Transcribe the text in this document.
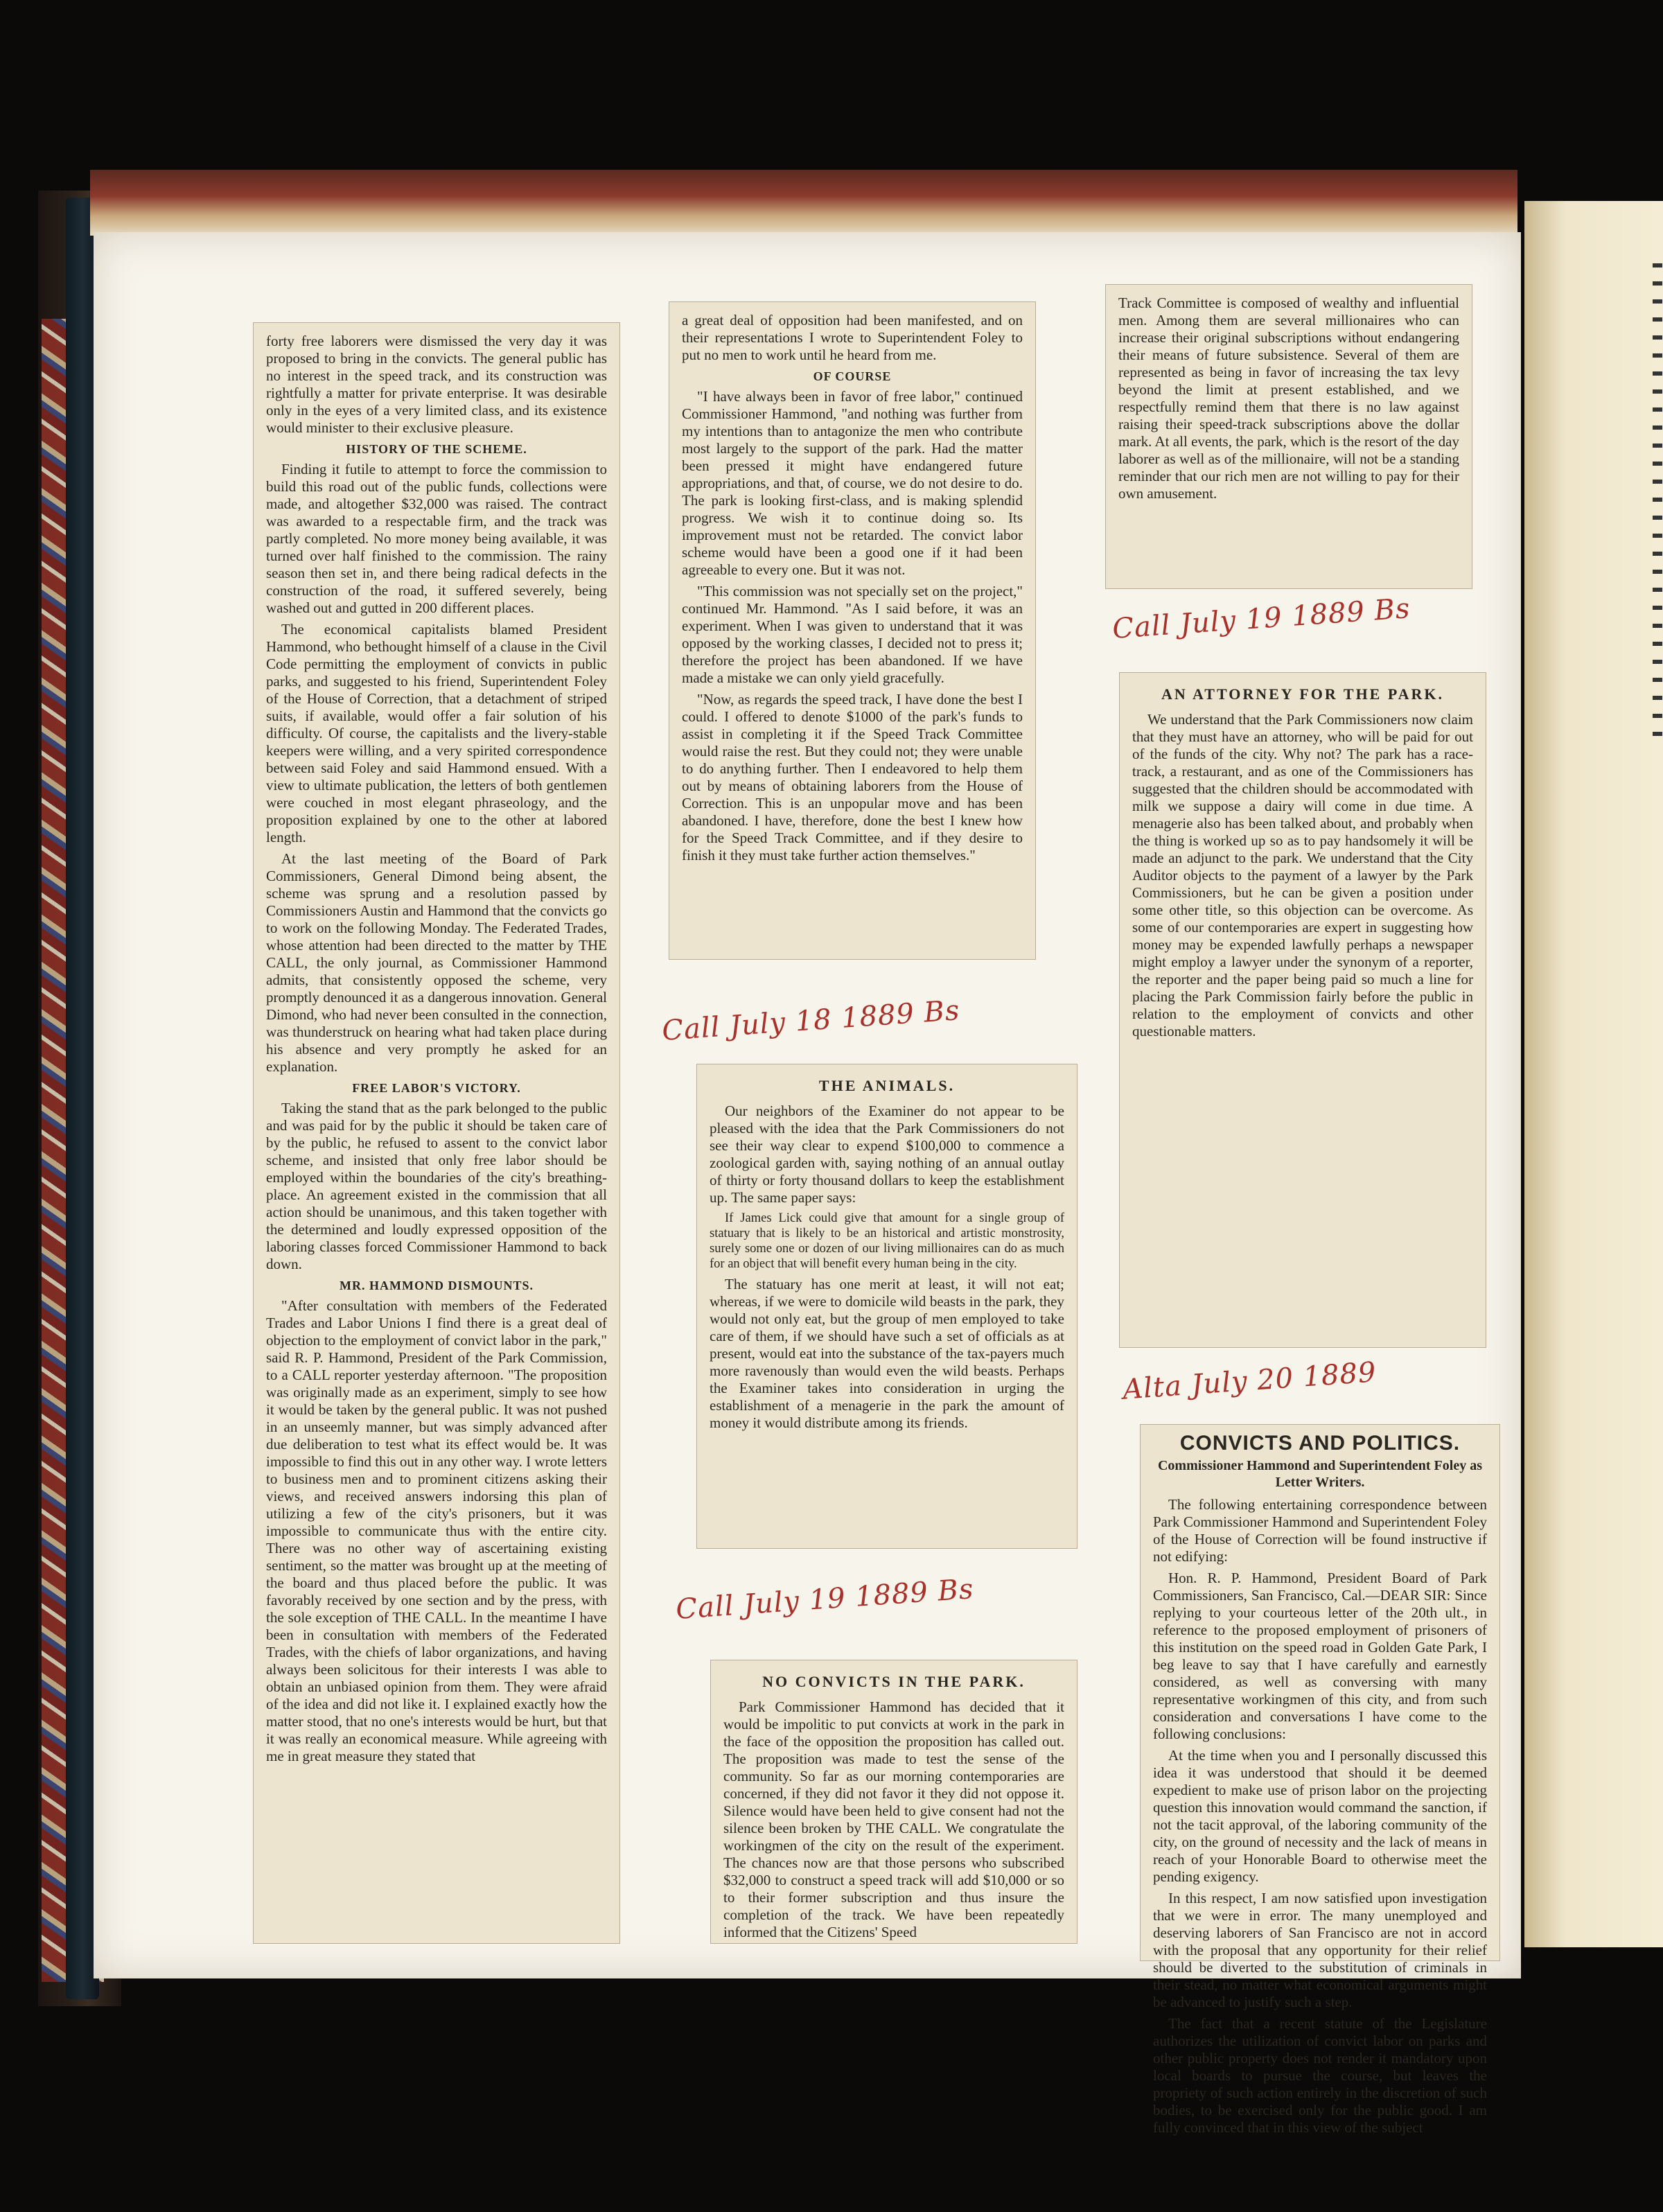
forty free laborers were dismissed the very day it was proposed to bring in the convicts. The general public has no interest in the speed track, and its construction was rightfully a matter for private enterprise. It was desirable only in the eyes of a very limited class, and its existence would minister to their exclusive pleasure.

HISTORY OF THE SCHEME.

Finding it futile to attempt to force the commission to build this road out of the public funds, collections were made, and altogether $32,000 was raised. The contract was awarded to a respectable firm, and the track was partly completed. No more money being available, it was turned over half finished to the commission. The rainy season then set in, and there being radical defects in the construction of the road, it suffered severely, being washed out and gutted in 200 different places.

The economical capitalists blamed President Hammond, who bethought himself of a clause in the Civil Code permitting the employment of convicts in public parks, and suggested to his friend, Superintendent Foley of the House of Correction, that a detachment of striped suits, if available, would offer a fair solution of his difficulty. Of course, the capitalists and the livery-stable keepers were willing, and a very spirited correspondence between said Foley and said Hammond ensued. With a view to ultimate publication, the letters of both gentlemen were couched in most elegant phraseology, and the proposition explained by one to the other at labored length.

At the last meeting of the Board of Park Commissioners, General Dimond being absent, the scheme was sprung and a resolution passed by Commissioners Austin and Hammond that the convicts go to work on the following Monday. The Federated Trades, whose attention had been directed to the matter by THE CALL, the only journal, as Commissioner Hammond admits, that consistently opposed the scheme, very promptly denounced it as a dangerous innovation. General Dimond, who had never been consulted in the connection, was thunderstruck on hearing what had taken place during his absence and very promptly he asked for an explanation.

FREE LABOR'S VICTORY.

Taking the stand that as the park belonged to the public and was paid for by the public it should be taken care of by the public, he refused to assent to the convict labor scheme, and insisted that only free labor should be employed within the boundaries of the city's breathing-place. An agreement existed in the commission that all action should be unanimous, and this taken together with the determined and loudly expressed opposition of the laboring classes forced Commissioner Hammond to back down.

MR. HAMMOND DISMOUNTS.

"After consultation with members of the Federated Trades and Labor Unions I find there is a great deal of objection to the employment of convict labor in the park," said R. P. Hammond, President of the Park Commission, to a CALL reporter yesterday afternoon. "The proposition was originally made as an experiment, simply to see how it would be taken by the general public. It was not pushed in an unseemly manner, but was simply advanced after due deliberation to test what its effect would be. It was impossible to find this out in any other way. I wrote letters to business men and to prominent citizens asking their views, and received answers indorsing this plan of utilizing a few of the city's prisoners, but it was impossible to communicate thus with the entire city. There was no other way of ascertaining existing sentiment, so the matter was brought up at the meeting of the board and thus placed before the public. It was favorably received by one section and by the press, with the sole exception of THE CALL. In the meantime I have been in consultation with members of the Federated Trades, with the chiefs of labor organizations, and having always been solicitous for their interests I was able to obtain an unbiased opinion from them. They were afraid of the idea and did not like it. I explained exactly how the matter stood, that no one's interests would be hurt, but that it was really an economical measure. While agreeing with me in great measure they stated that

a great deal of opposition had been manifested, and on their representations I wrote to Superintendent Foley to put no men to work until he heard from me.

OF COURSE

"I have always been in favor of free labor," continued Commissioner Hammond, "and nothing was further from my intentions than to antagonize the men who contribute most largely to the support of the park. Had the matter been pressed it might have endangered future appropriations, and that, of course, we do not desire to do. The park is looking first-class, and is making splendid progress. We wish it to continue doing so. Its improvement must not be retarded. The convict labor scheme would have been a good one if it had been agreeable to every one. But it was not.

"This commission was not specially set on the project," continued Mr. Hammond. "As I said before, it was an experiment. When I was given to understand that it was opposed by the working classes, I decided not to press it; therefore the project has been abandoned. If we have made a mistake we can only yield gracefully.

"Now, as regards the speed track, I have done the best I could. I offered to denote $1000 of the park's funds to assist in completing it if the Speed Track Committee would raise the rest. But they could not; they were unable to do anything further. Then I endeavored to help them out by means of obtaining laborers from the House of Correction. This is an unpopular move and has been abandoned. I have, therefore, done the best I knew how for the Speed Track Committee, and if they desire to finish it they must take further action themselves."

Call July 18 1889 Bs

THE ANIMALS.

Our neighbors of the Examiner do not appear to be pleased with the idea that the Park Commissioners do not see their way clear to expend $100,000 to commence a zoological garden with, saying nothing of an annual outlay of thirty or forty thousand dollars to keep the establishment up. The same paper says:

If James Lick could give that amount for a single group of statuary that is likely to be an historical and artistic monstrosity, surely some one or dozen of our living millionaires can do as much for an object that will benefit every human being in the city.

The statuary has one merit at least, it will not eat; whereas, if we were to domicile wild beasts in the park, they would not only eat, but the group of men employed to take care of them, if we should have such a set of officials as at present, would eat into the substance of the tax-payers much more ravenously than would even the wild beasts. Perhaps the Examiner takes into consideration in urging the establishment of a menagerie in the park the amount of money it would distribute among its friends.

Call July 19 1889 Bs

NO CONVICTS IN THE PARK.

Park Commissioner Hammond has decided that it would be impolitic to put convicts at work in the park in the face of the opposition the proposition has called out. The proposition was made to test the sense of the community. So far as our morning contemporaries are concerned, if they did not favor it they did not oppose it. Silence would have been held to give consent had not the silence been broken by THE CALL. We congratulate the workingmen of the city on the result of the experiment. The chances now are that those persons who subscribed $32,000 to construct a speed track will add $10,000 or so to their former subscription and thus insure the completion of the track. We have been repeatedly informed that the Citizens' Speed

Track Committee is composed of wealthy and influential men. Among them are several millionaires who can increase their original subscriptions without endangering their means of future subsistence. Several of them are represented as being in favor of increasing the tax levy beyond the limit at present established, and we respectfully remind them that there is no law against raising their speed-track subscriptions above the dollar mark. At all events, the park, which is the resort of the day laborer as well as of the millionaire, will not be a standing reminder that our rich men are not willing to pay for their own amusement.

Call July 19 1889 Bs

AN ATTORNEY FOR THE PARK.

We understand that the Park Commissioners now claim that they must have an attorney, who will be paid for out of the funds of the city. Why not? The park has a race-track, a restaurant, and as one of the Commissioners has suggested that the children should be accommodated with milk we suppose a dairy will come in due time. A menagerie also has been talked about, and probably when the thing is worked up so as to pay handsomely it will be made an adjunct to the park. We understand that the City Auditor objects to the payment of a lawyer by the Park Commissioners, but he can be given a position under some other title, so this objection can be overcome. As some of our contemporaries are expert in suggesting how money may be expended lawfully perhaps a newspaper might employ a lawyer under the synonym of a reporter, the reporter and the paper being paid so much a line for placing the Park Commission fairly before the public in relation to the employment of convicts and other questionable matters.

Alta July 20 1889

CONVICTS AND POLITICS.

Commissioner Hammond and Superintendent Foley as Letter Writers.

The following entertaining correspondence between Park Commissioner Hammond and Superintendent Foley of the House of Correction will be found instructive if not edifying:

Hon. R. P. Hammond, President Board of Park Commissioners, San Francisco, Cal.—DEAR SIR: Since replying to your courteous letter of the 20th ult., in reference to the proposed employment of prisoners of this institution on the speed road in Golden Gate Park, I beg leave to say that I have carefully and earnestly considered, as well as conversing with many representative workingmen of this city, and from such consideration and conversations I have come to the following conclusions:

At the time when you and I personally discussed this idea it was understood that should it be deemed expedient to make use of prison labor on the projecting question this innovation would command the sanction, if not the tacit approval, of the laboring community of the city, on the ground of necessity and the lack of means in reach of your Honorable Board to otherwise meet the pending exigency.

In this respect, I am now satisfied upon investigation that we were in error. The many unemployed and deserving laborers of San Francisco are not in accord with the proposal that any opportunity for their relief should be diverted to the substitution of criminals in their stead, no matter what economical arguments might be advanced to justify such a step.

The fact that a recent statute of the Legislature authorizes the utilization of convict labor on parks and other public property does not render it mandatory upon local boards to pursue the course, but leaves the propriety of such action entirely in the discretion of such bodies, to be exercised only for the public good. I am fully convinced that in this view of the subject
